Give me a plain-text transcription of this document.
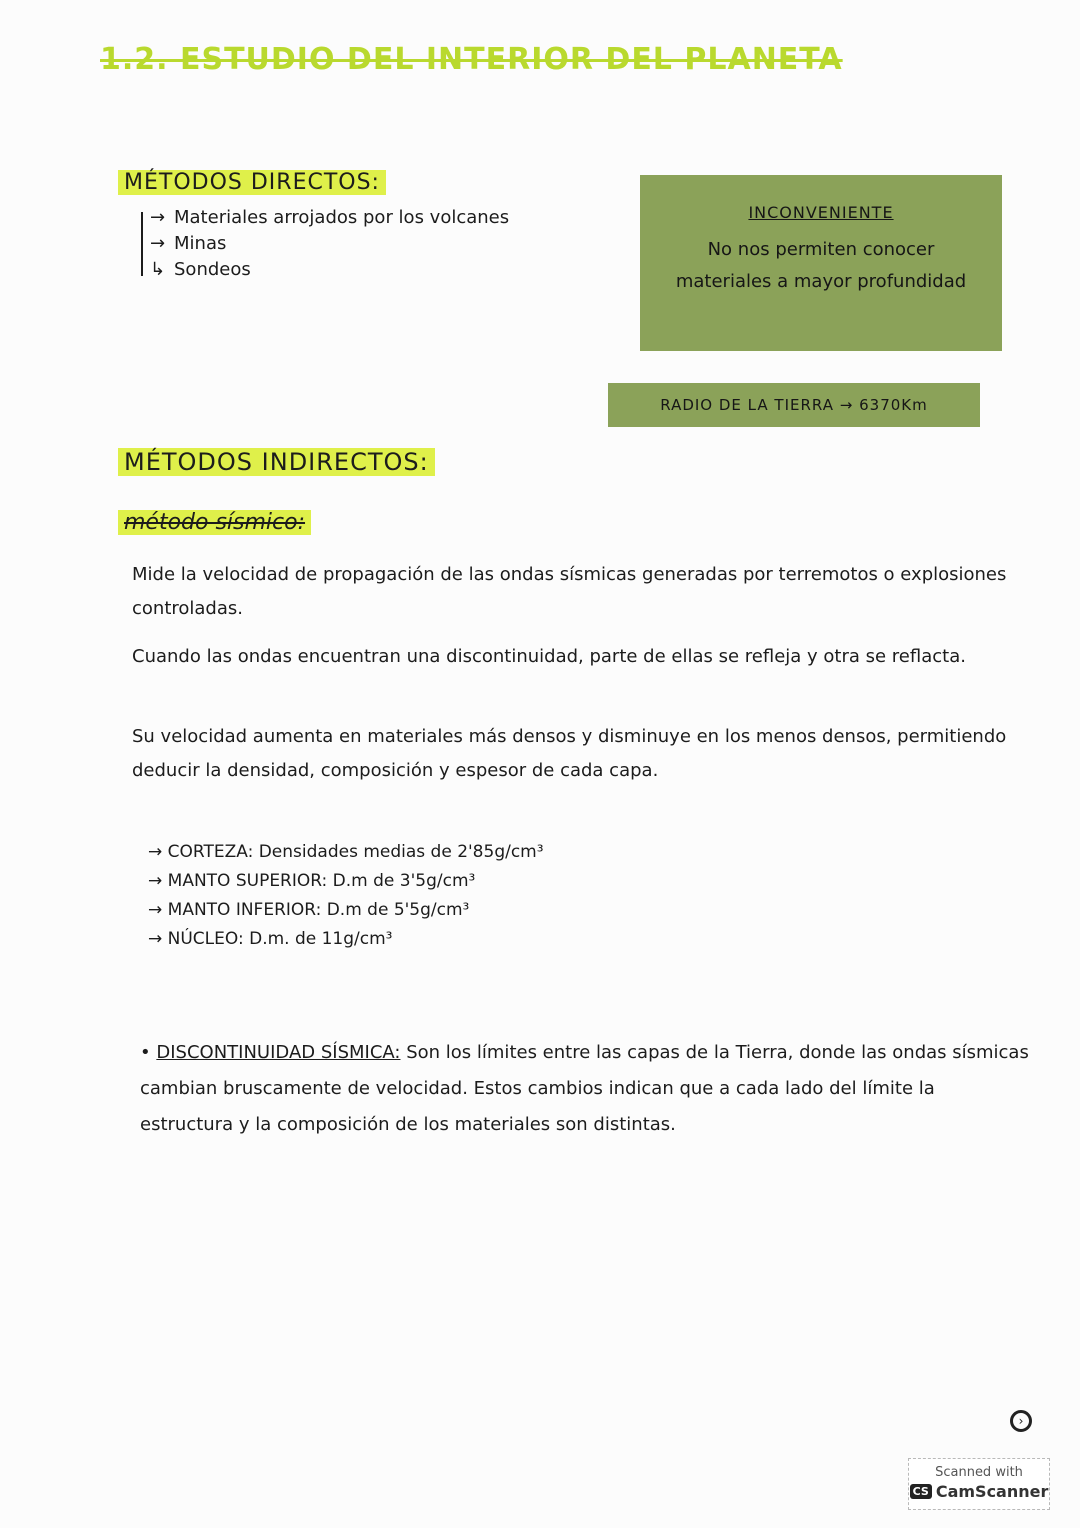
1.2. ESTUDIO DEL INTERIOR DEL PLANETA
MÉTODOS DIRECTOS:
→ Materiales arrojados por los volcanes
→ Minas
↳ Sondeos
INCONVENIENTE
No nos permiten conocer materiales a mayor profundidad
RADIO DE LA TIERRA
→
6370Km
MÉTODOS INDIRECTOS:
método sísmico:
Mide la velocidad de propagación de las ondas sísmicas generadas por terremotos o explosiones controladas.
Cuando las ondas encuentran una discontinuidad, parte de ellas se refleja y otra se reflacta.
Su velocidad aumenta en materiales más densos y disminuye en los menos densos, permitiendo deducir la densidad, composición y espesor de cada capa.
→ CORTEZA: Densidades medias de 2'85g/cm³
→ MANTO SUPERIOR: D.m de 3'5g/cm³
→ MANTO INFERIOR: D.m de 5'5g/cm³
→ NÚCLEO: D.m. de 11g/cm³
• DISCONTINUIDAD SÍSMICA: Son los límites entre las capas de la Tierra, donde las ondas sísmicas cambian bruscamente de velocidad. Estos cambios indican que a cada lado del límite la estructura y la composición de los materiales son distintas.
›
Scanned with
CS CamScanner
